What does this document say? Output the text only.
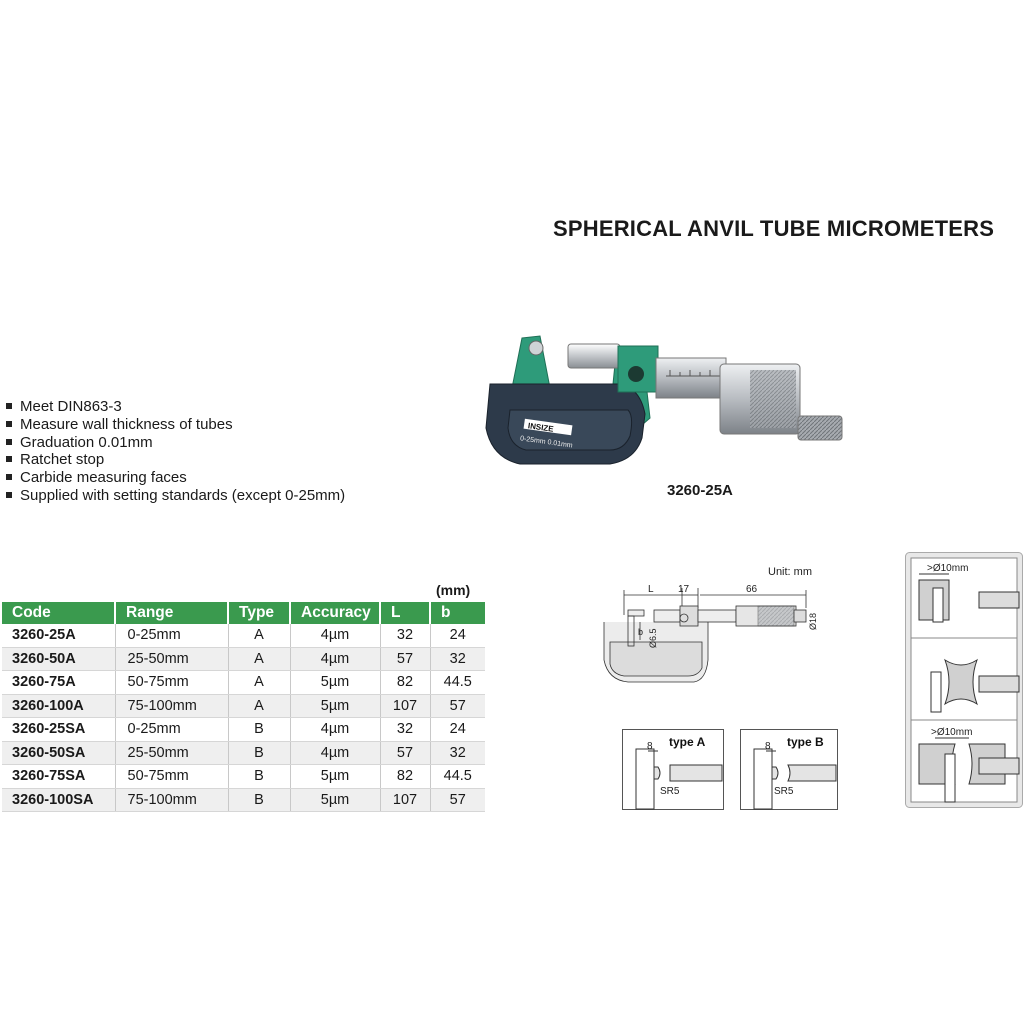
SPHERICAL ANVIL TUBE MICROMETERS
Meet DIN863-3
Measure wall thickness of tubes
Graduation 0.01mm
Ratchet stop
Carbide measuring faces
Supplied with setting standards (except 0-25mm)
INSIZE
0-25mm 0.01mm
3260-25A
(mm)
Code	Range	Type	Accuracy	L	b
3260-25A	0-25mm	A	4µm	32	24
3260-50A	25-50mm	A	4µm	57	32
3260-75A	50-75mm	A	5µm	82	44.5
3260-100A	75-100mm	A	5µm	107	57
3260-25SA	0-25mm	B	4µm	32	24
3260-50SA	25-50mm	B	4µm	57	32
3260-75SA	50-75mm	B	5µm	82	44.5
3260-100SA	75-100mm	B	5µm	107	57
Unit: mm
L 17	66
b Ø6.5
Ø18
8 type A
SR5
8 type B
SR5
>Ø10mm
>Ø10mm
